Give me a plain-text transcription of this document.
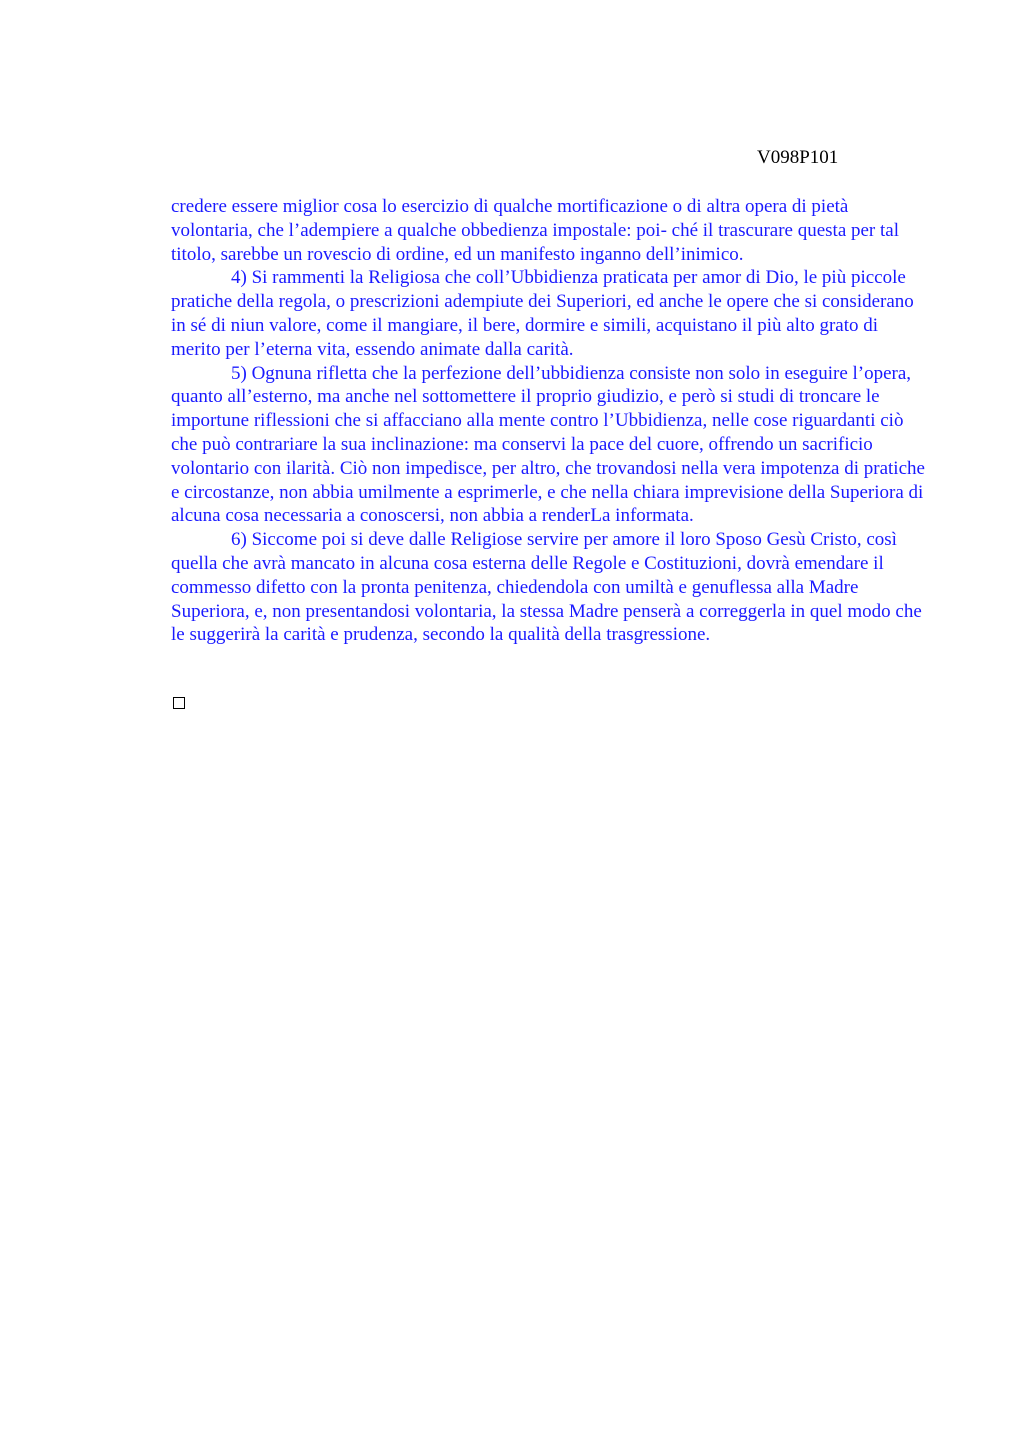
V098P101

credere essere miglior cosa lo esercizio di qualche mortificazione o di altra opera di pietà volontaria, che l’adempiere a qualche obbedienza impostale: poi- ché il trascurare questa per tal titolo, sarebbe un rovescio di ordine, ed un manifesto inganno dell’inimico.

4) Si rammenti la Religiosa che coll’Ubbidienza praticata per amor di Dio, le più piccole pratiche della regola, o prescrizioni adempiute dei Superiori, ed anche le opere che si considerano in sé di niun valore, come il mangiare, il bere, dormire e simili, acquistano il più alto grato di merito per l’eterna vita, essendo animate dalla carità.

5) Ognuna rifletta che la perfezione dell’ubbidienza consiste non solo in eseguire l’opera, quanto all’esterno, ma anche nel sottomettere il proprio giudizio, e però si studi di troncare le importune riflessioni che si affacciano alla mente contro l’Ubbidienza, nelle cose riguardanti ciò che può contrariare la sua inclinazione: ma conservi la pace del cuore, offrendo un sacrificio volontario con ilarità. Ciò non impedisce, per altro, che trovandosi nella vera impotenza di pratiche e circostanze, non abbia umilmente a esprimerle, e che nella chiara imprevisione della Superiora di alcuna cosa necessaria a conoscersi, non abbia a renderLa informata.

6) Siccome poi si deve dalle Religiose servire per amore il loro Sposo Gesù Cristo, così quella che avrà mancato in alcuna cosa esterna delle Regole e Costituzioni, dovrà emendare il commesso difetto con la pronta penitenza, chiedendola con umiltà e genuflessa alla Madre Superiora, e, non presentandosi volontaria, la stessa Madre penserà a correggerla in quel modo che le suggerirà la carità e prudenza, secondo la qualità della trasgressione.
